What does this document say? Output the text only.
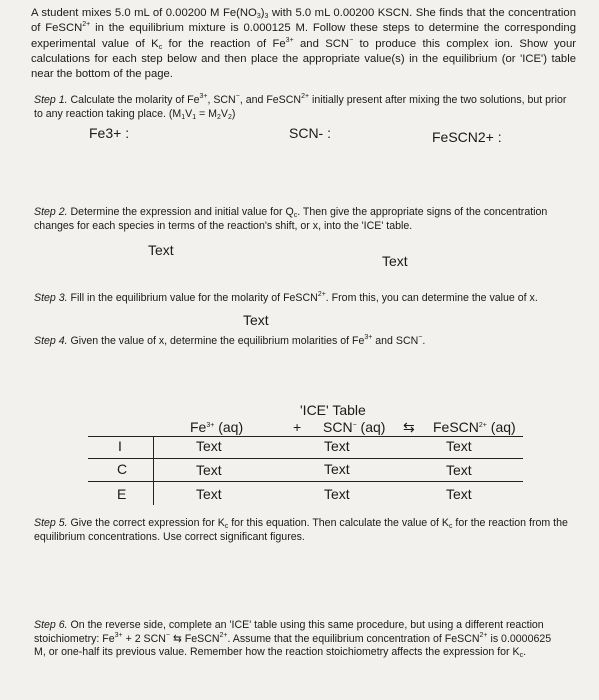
A student mixes 5.0 mL of 0.00200 M $Fe(NO_3)_3$ with 5.0 mL 0.00200 KSCN. She finds that the concentration of FeSCN$^{2+}$ in the equilibrium mixture is 0.000125 M. Follow these steps to determine the corresponding experimental value of $K_c$ for the reaction of $Fe^{3+}$ and SCN− to produce this complex ion. Show your calculations for each step below and then place the appropriate value(s) in the equilibrium (or 'ICE') table near the bottom of the page.
Step 1. Calculate the molarity of $Fe^{3+}$, SCN−, and FeSCN$^{2+}$ initially present after mixing the two solutions, but prior to any reaction taking place. $(M_1V_1 = M_2V_2)$
Fe3+ :	SCN- :	FeSCN2+ :
Step 2. Determine the expression and initial value for $Q_c$. Then give the appropriate signs of the concentration changes for each species in terms of the reaction's shift, or x, into the 'ICE' table.
Text
Text
Step 3. Fill in the equilibrium value for the molarity of FeSCN$^{2+}$. From this, you can determine the value of x.
Text
Step 4. Given the value of x, determine the equilibrium molarities of $Fe^{3+}$ and SCN−.
'ICE' Table
$Fe^{3+}$ (aq)	+ SCN− (aq) ⇆ FeSCN$^{2+}$ (aq)
I	Text	Text	Text
C	Text	Text	Text
E	Text	Text	Text
Step 5. Give the correct expression for $K_c$ for this equation. Then calculate the value of $K_c$ for the reaction from the equilibrium concentrations. Use correct significant figures.
Step 6. On the reverse side, complete an 'ICE' table using this same procedure, but using a different reaction stoichiometry: $Fe^{3+} + 2$ SCN− ⇆ FeSCN$^{2+}$. Assume that the equilibrium concentration of FeSCN$^{2+}$ is 0.0000625 M, or one-half its previous value. Remember how the reaction stoichiometry affects the expression for $K_c$.
